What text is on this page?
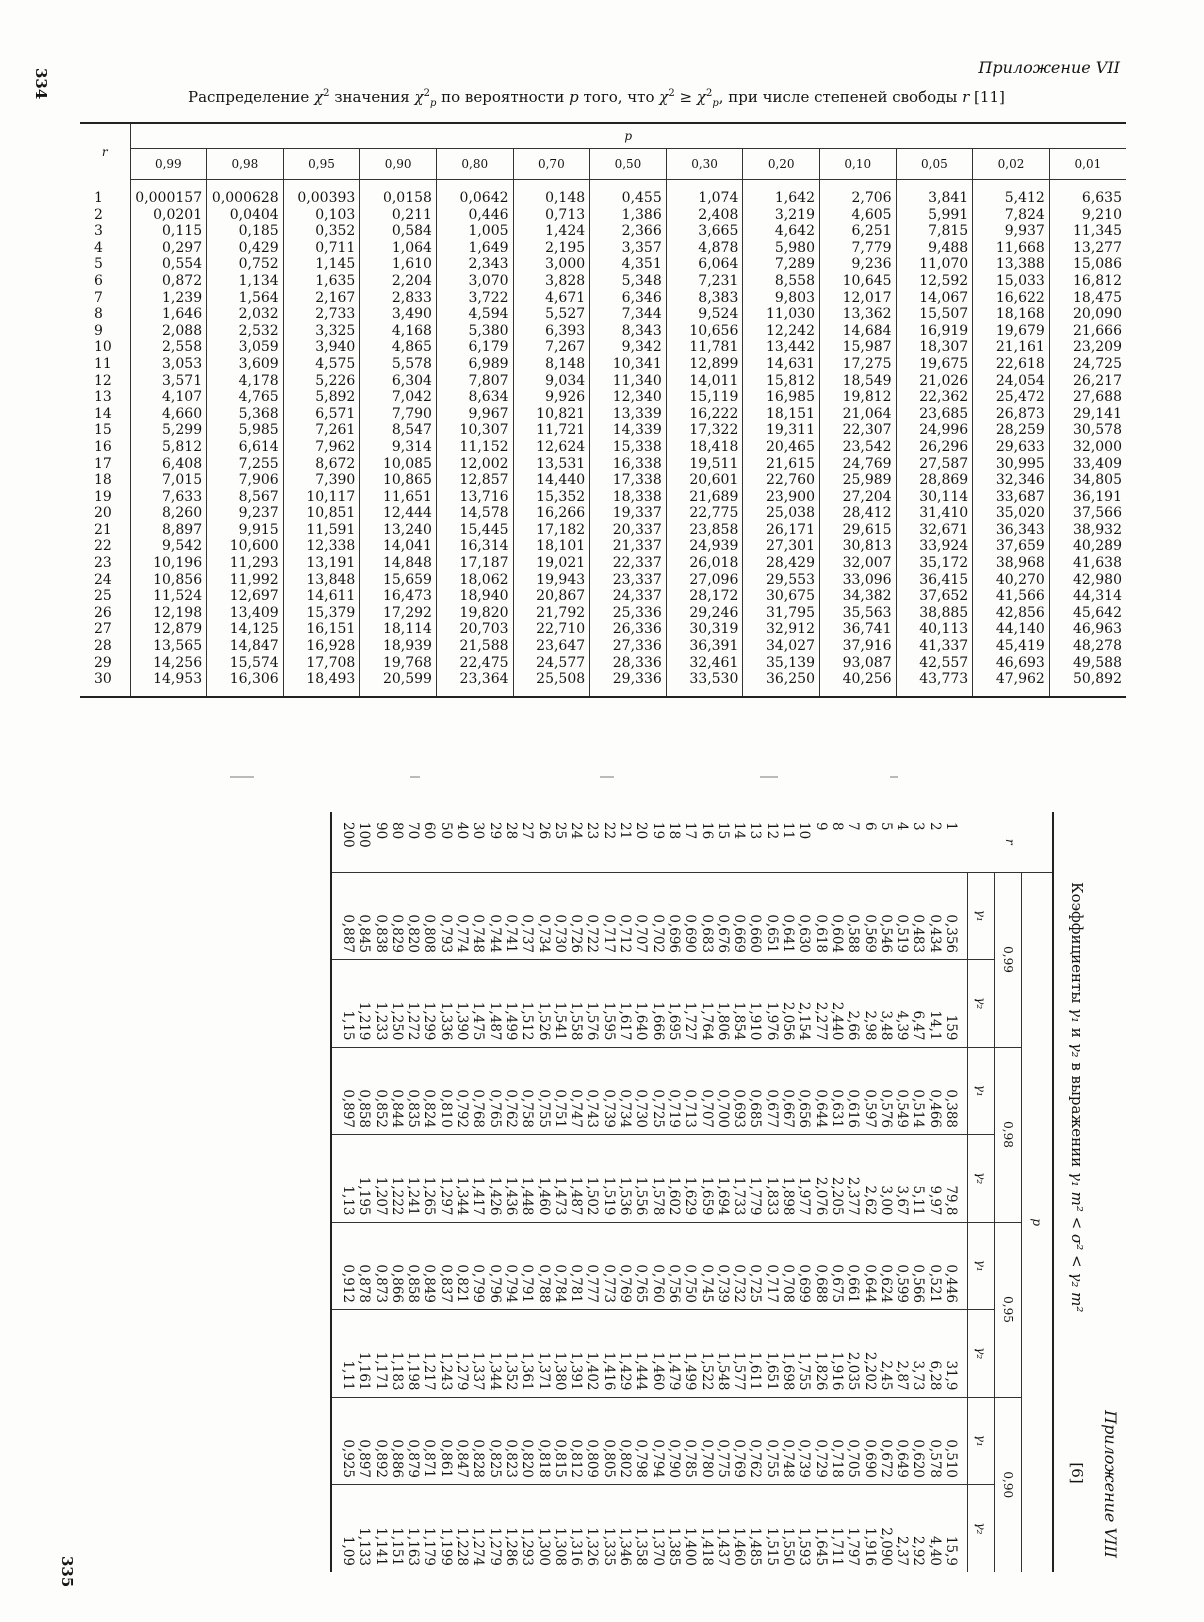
334
335
Приложение VII
Распределение $\chi^2$ значения $\chi^2_p$ по вероятности p того, что $\chi^2 \ge \chi^2_p$, при числе степеней свободы r [11]
r	p												
	0,99	0,98	0,95	0,90	0,80	0,70	0,50	0,30	0,20	0,10	0,05	0,02	0,01
1	0,000157	0,000628	0,00393	0,0158	0,0642	0,148	0,455	1,074	1,642	2,706	3,841	5,412	6,635
2	0,0201	0,0404	0,103	0,211	0,446	0,713	1,386	2,408	3,219	4,605	5,991	7,824	9,210
3	0,115	0,185	0,352	0,584	1,005	1,424	2,366	3,665	4,642	6,251	7,815	9,937	11,345
4	0,297	0,429	0,711	1,064	1,649	2,195	3,357	4,878	5,980	7,779	9,488	11,668	13,277
5	0,554	0,752	1,145	1,610	2,343	3,000	4,351	6,064	7,289	9,236	11,070	13,388	15,086
6	0,872	1,134	1,635	2,204	3,070	3,828	5,348	7,231	8,558	10,645	12,592	15,033	16,812
7	1,239	1,564	2,167	2,833	3,722	4,671	6,346	8,383	9,803	12,017	14,067	16,622	18,475
8	1,646	2,032	2,733	3,490	4,594	5,527	7,344	9,524	11,030	13,362	15,507	18,168	20,090
9	2,088	2,532	3,325	4,168	5,380	6,393	8,343	10,656	12,242	14,684	16,919	19,679	21,666
10	2,558	3,059	3,940	4,865	6,179	7,267	9,342	11,781	13,442	15,987	18,307	21,161	23,209
11	3,053	3,609	4,575	5,578	6,989	8,148	10,341	12,899	14,631	17,275	19,675	22,618	24,725
12	3,571	4,178	5,226	6,304	7,807	9,034	11,340	14,011	15,812	18,549	21,026	24,054	26,217
13	4,107	4,765	5,892	7,042	8,634	9,926	12,340	15,119	16,985	19,812	22,362	25,472	27,688
14	4,660	5,368	6,571	7,790	9,967	10,821	13,339	16,222	18,151	21,064	23,685	26,873	29,141
15	5,299	5,985	7,261	8,547	10,307	11,721	14,339	17,322	19,311	22,307	24,996	28,259	30,578
16	5,812	6,614	7,962	9,314	11,152	12,624	15,338	18,418	20,465	23,542	26,296	29,633	32,000
17	6,408	7,255	8,672	10,085	12,002	13,531	16,338	19,511	21,615	24,769	27,587	30,995	33,409
18	7,015	7,906	7,390	10,865	12,857	14,440	17,338	20,601	22,760	25,989	28,869	32,346	34,805
19	7,633	8,567	10,117	11,651	13,716	15,352	18,338	21,689	23,900	27,204	30,114	33,687	36,191
20	8,260	9,237	10,851	12,444	14,578	16,266	19,337	22,775	25,038	28,412	31,410	35,020	37,566
21	8,897	9,915	11,591	13,240	15,445	17,182	20,337	23,858	26,171	29,615	32,671	36,343	38,932
22	9,542	10,600	12,338	14,041	16,314	18,101	21,337	24,939	27,301	30,813	33,924	37,659	40,289
23	10,196	11,293	13,191	14,848	17,187	19,021	22,337	26,018	28,429	32,007	35,172	38,968	41,638
24	10,856	11,992	13,848	15,659	18,062	19,943	23,337	27,096	29,553	33,096	36,415	40,270	42,980
25	11,524	12,697	14,611	16,473	18,940	20,867	24,337	28,172	30,675	34,382	37,652	41,566	44,314
26	12,198	13,409	15,379	17,292	19,820	21,792	25,336	29,246	31,795	35,563	38,885	42,856	45,642
27	12,879	14,125	16,151	18,114	20,703	22,710	26,336	30,319	32,912	36,741	40,113	44,140	46,963
28	13,565	14,847	16,928	18,939	21,588	23,647	27,336	36,391	34,027	37,916	41,337	45,419	48,278
29	14,256	15,574	17,708	19,768	22,475	24,577	28,336	32,461	35,139	93,087	42,557	46,693	49,588
30	14,953	16,306	18,493	20,599	23,364	25,508	29,336	33,530	36,250	40,256	43,773	47,962	50,892
Приложение VIII
Коэффициенты γ₁ и γ₂ в выражении γ₁ m² < σ² < γ₂ m²[6]
r	p							
	0,99		0,98		0,95		0,90	
	γ₁	γ₂	γ₁	γ₂	γ₁	γ₂	γ₁	γ₂
1	0,356	159	0,388	79,8	0,446	31,9	0,510	15,9
2	0,434	14,1	0,466	9,97	0,521	6,28	0,578	4,40
3	0,483	6,47	0,514	5,11	0,566	3,73	0,620	2,92
4	0,519	4,39	0,549	3,67	0,599	2,87	0,649	2,37
5	0,546	3,48	0,576	3,00	0,624	2,45	0,672	2,090
6	0,569	2,98	0,597	2,62	0,644	2,202	0,690	1,916
7	0,588	2,66	0,616	2,377	0,661	2,035	0,705	1,797
8	0,604	2,440	0,631	2,205	0,675	1,916	0,718	1,711
9	0,618	2,277	0,644	2,076	0,688	1,826	0,729	1,645
10	0,630	2,154	0,656	1,977	0,699	1,755	0,739	1,593
11	0,641	2,056	0,667	1,898	0,708	1,698	0,748	1,550
12	0,651	1,976	0,677	1,833	0,717	1,651	0,755	1,515
13	0,660	1,910	0,685	1,779	0,725	1,611	0,762	1,485
14	0,669	1,854	0,693	1,733	0,732	1,577	0,769	1,460
15	0,676	1,806	0,700	1,694	0,739	1,548	0,775	1,437
16	0,683	1,764	0,707	1,659	0,745	1,522	0,780	1,418
17	0,690	1,727	0,713	1,629	0,750	1,499	0,785	1,400
18	0,696	1,695	0,719	1,602	0,756	1,479	0,790	1,385
19	0,702	1,666	0,725	1,578	0,760	1,460	0,794	1,370
20	0,707	1,640	0,730	1,556	0,765	1,444	0,798	1,358
21	0,712	1,617	0,734	1,536	0,769	1,429	0,802	1,346
22	0,717	1,595	0,739	1,519	0,773	1,416	0,805	1,335
23	0,722	1,576	0,743	1,502	0,777	1,402	0,809	1,326
24	0,726	1,558	0,747	1,487	0,781	1,391	0,812	1,316
25	0,730	1,541	0,751	1,473	0,784	1,380	0,815	1,308
26	0,734	1,526	0,755	1,460	0,788	1,371	0,818	1,300
27	0,737	1,512	0,758	1,448	0,791	1,361	0,820	1,293
28	0,741	1,499	0,762	1,436	0,794	1,352	0,823	1,286
29	0,744	1,487	0,765	1,426	0,796	1,344	0,825	1,279
30	0,748	1,475	0,768	1,417	0,799	1,337	0,828	1,274
40	0,774	1,390	0,792	1,344	0,821	1,279	0,847	1,228
50	0,793	1,336	0,810	1,297	0,837	1,243	0,861	1,199
60	0,808	1,299	0,824	1,265	0,849	1,217	0,871	1,179
70	0,820	1,272	0,835	1,241	0,858	1,198	0,879	1,163
80	0,829	1,250	0,844	1,222	0,866	1,183	0,886	1,151
90	0,838	1,233	0,852	1,207	0,873	1,171	0,892	1,141
100	0,845	1,219	0,858	1,195	0,878	1,161	0,897	1,133
200	0,887	1,15	0,897	1,13	0,912	1,11	0,925	1,09
